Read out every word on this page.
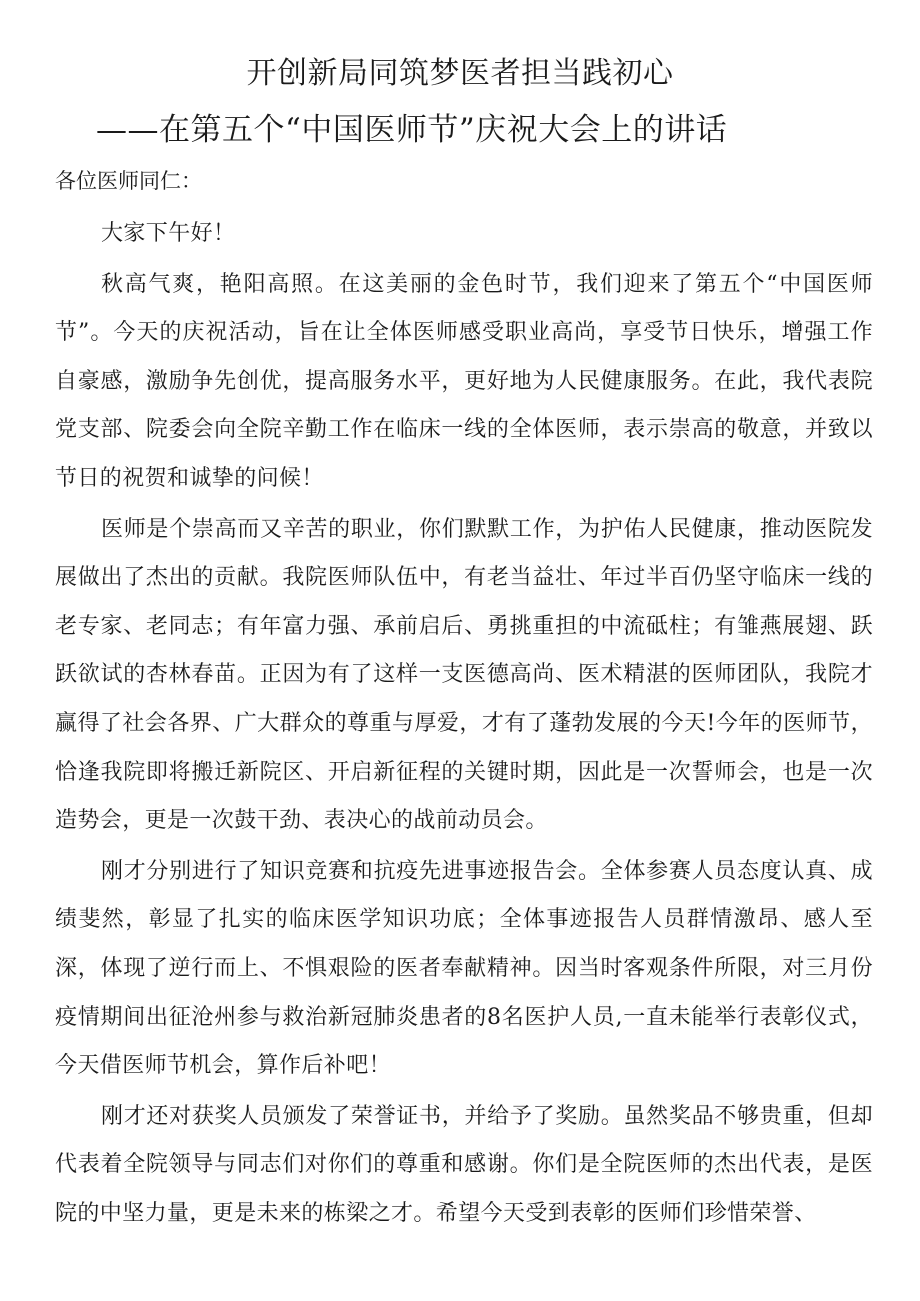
开创新局同筑梦医者担当践初心
——在第五个“中国医师节”庆祝大会上的讲话
各位医师同仁：

大家下午好！

秋高气爽，艳阳高照。在这美丽的金色时节，我们迎来了第五个“中国医师节”。今天的庆祝活动，旨在让全体医师感受职业高尚，享受节日快乐，增强工作自豪感，激励争先创优，提高服务水平，更好地为人民健康服务。在此，我代表院党支部、院委会向全院辛勤工作在临床一线的全体医师，表示崇高的敬意，并致以节日的祝贺和诚挚的问候！

医师是个崇高而又辛苦的职业，你们默默工作，为护佑人民健康，推动医院发展做出了杰出的贡献。我院医师队伍中，有老当益壮、年过半百仍坚守临床一线的老专家、老同志；有年富力强、承前启后、勇挑重担的中流砥柱；有雏燕展翅、跃跃欲试的杏林春苗。正因为有了这样一支医德高尚、医术精湛的医师团队，我院才赢得了社会各界、广大群众的尊重与厚爱，才有了蓬勃发展的今天!今年的医师节，恰逢我院即将搬迁新院区、开启新征程的关键时期，因此是一次誓师会，也是一次造势会，更是一次鼓干劲、表决心的战前动员会。

刚才分别进行了知识竞赛和抗疫先进事迹报告会。全体参赛人员态度认真、成绩斐然，彰显了扎实的临床医学知识功底；全体事迹报告人员群情激昂、感人至深，体现了逆行而上、不惧艰险的医者奉献精神。因当时客观条件所限，对三月份疫情期间出征沧州参与救治新冠肺炎患者的8名医护人员,一直未能举行表彰仪式，今天借医师节机会，算作后补吧！

刚才还对获奖人员颁发了荣誉证书，并给予了奖励。虽然奖品不够贵重，但却代表着全院领导与同志们对你们的尊重和感谢。你们是全院医师的杰出代表，是医院的中坚力量，更是未来的栋梁之才。希望今天受到表彰的医师们珍惜荣誉、
